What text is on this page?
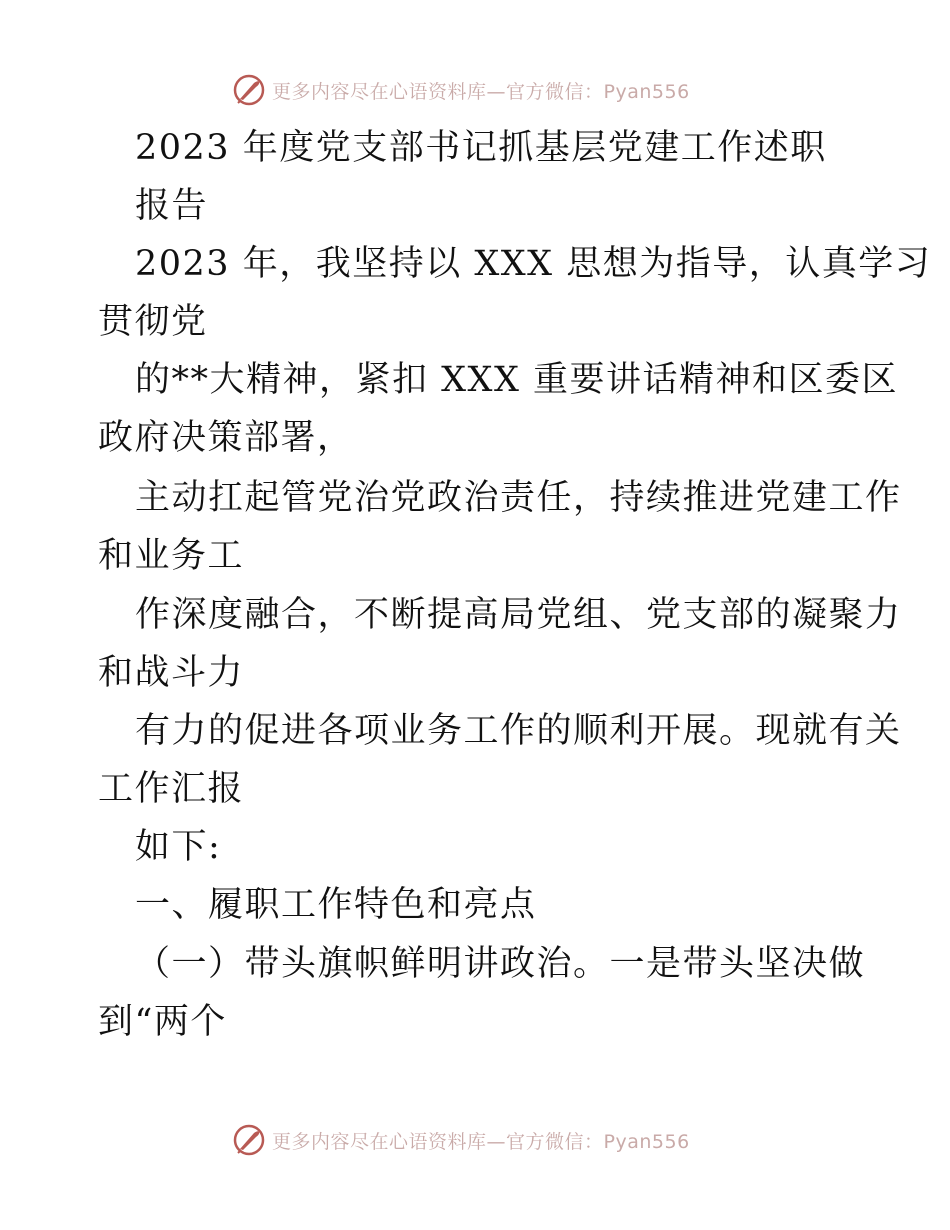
更多内容尽在心语资料库—官方微信：Pyan556
2023 年度党支部书记抓基层党建工作述职
报告
2023 年，我坚持以 XXX 思想为指导，认真学习
贯彻党
的**大精神，紧扣 XXX 重要讲话精神和区委区
政府决策部署，
主动扛起管党治党政治责任，持续推进党建工作
和业务工
作深度融合，不断提高局党组、党支部的凝聚力
和战斗力
有力的促进各项业务工作的顺利开展。现就有关
工作汇报
如下:
一、履职工作特色和亮点
（一）带头旗帜鲜明讲政治。一是带头坚决做
到“两个
更多内容尽在心语资料库—官方微信：Pyan556
